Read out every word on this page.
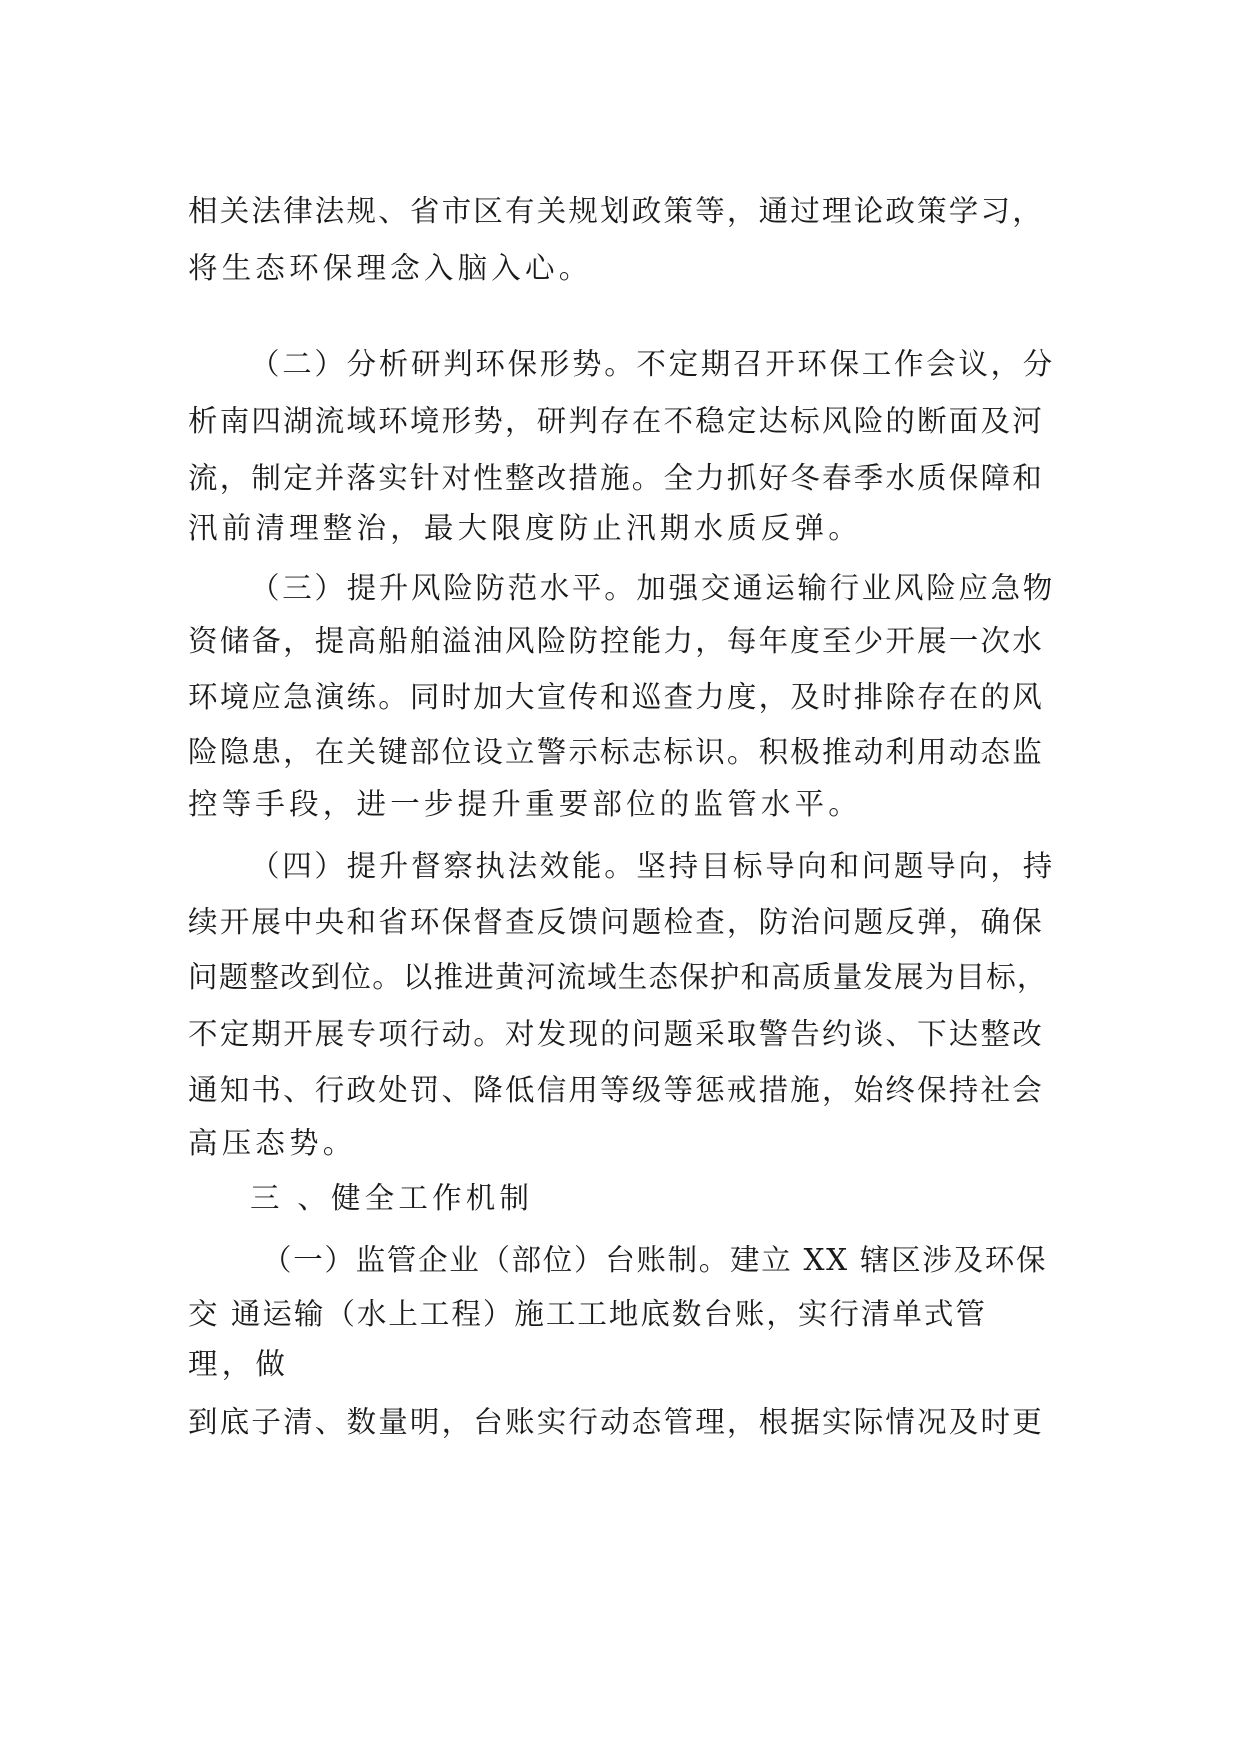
相关法律法规、省市区有关规划政策等，通过理论政策学习，

将生态环保理念入脑入心。

（二）分析研判环保形势。不定期召开环保工作会议，分

析南四湖流域环境形势，研判存在不稳定达标风险的断面及河

流，制定并落实针对性整改措施。全力抓好冬春季水质保障和

汛前清理整治，最大限度防止汛期水质反弹。

（三）提升风险防范水平。加强交通运输行业风险应急物

资储备，提高船舶溢油风险防控能力，每年度至少开展一次水

环境应急演练。同时加大宣传和巡查力度，及时排除存在的风

险隐患，在关键部位设立警示标志标识。积极推动利用动态监

控等手段，进一步提升重要部位的监管水平。

（四）提升督察执法效能。坚持目标导向和问题导向，持

续开展中央和省环保督查反馈问题检查，防治问题反弹，确保

问题整改到位。以推进黄河流域生态保护和高质量发展为目标，

不定期开展专项行动。对发现的问题采取警告约谈、下达整改

通知书、行政处罚、降低信用等级等惩戒措施，始终保持社会

高压态势。

三 、健全工作机制

（一）监管企业（部位）台账制。建立 XX 辖区涉及环保

交 通运输（水上工程）施工工地底数台账，实行清单式管

理，做

到底子清、数量明，台账实行动态管理，根据实际情况及时更
